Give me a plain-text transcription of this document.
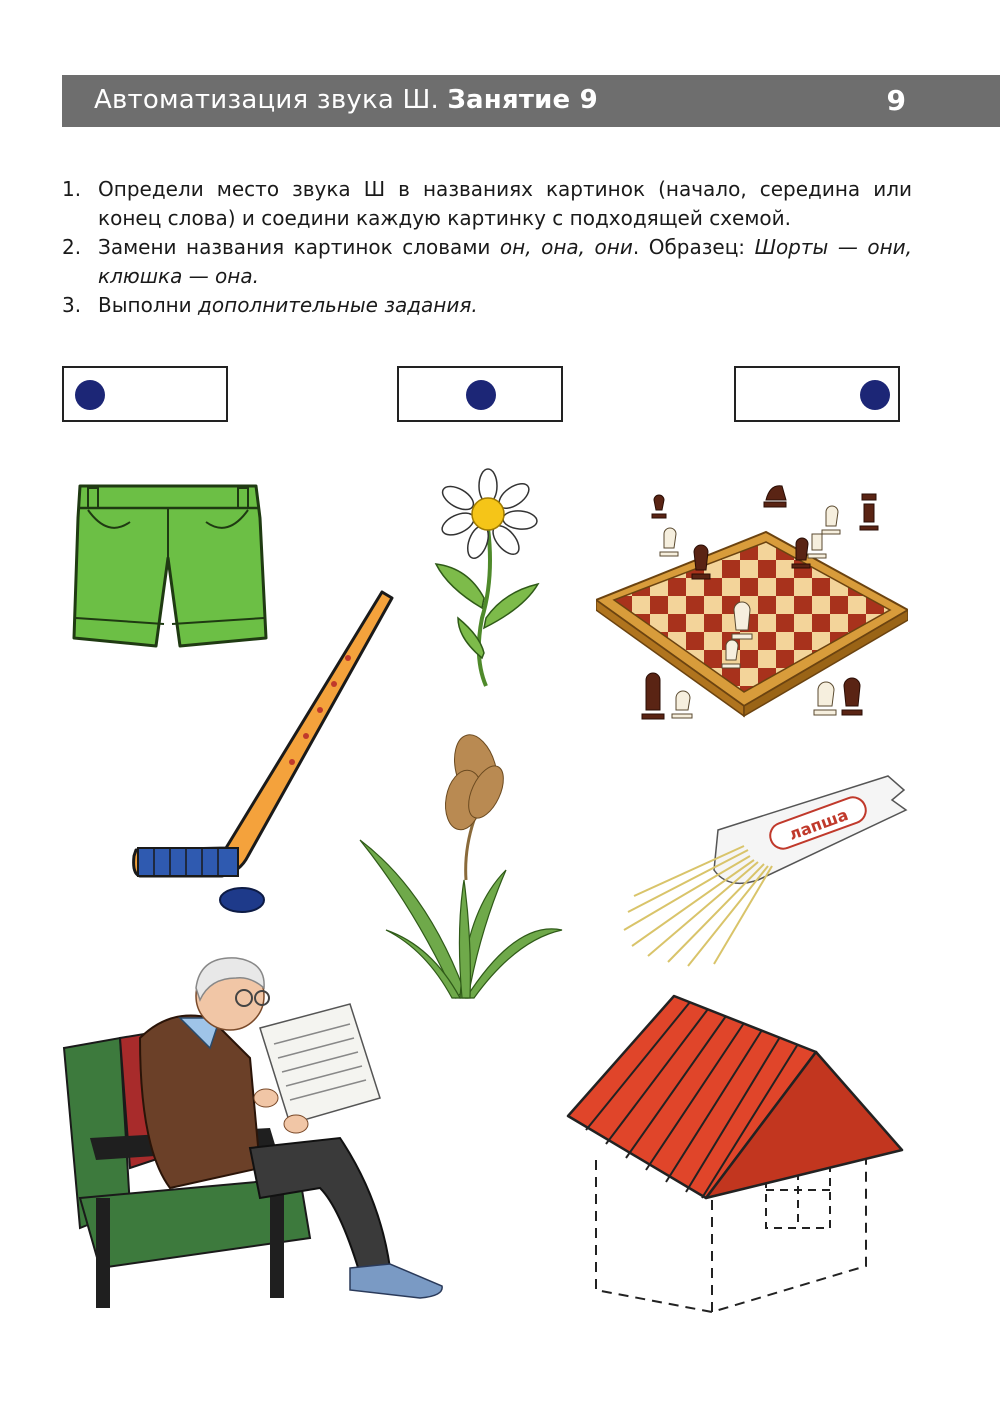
Автоматизация звука Ш. Занятие 9	9
1. Определи место звука Ш в названиях картинок (начало, середина или конец слова) и соедини каждую картинку с подходящей схемой.
2. Замени названия картинок словами он, она, они. Образец: Шорты — они, клюшка — она.
3. Выполни дополнительные задания.
лапша
